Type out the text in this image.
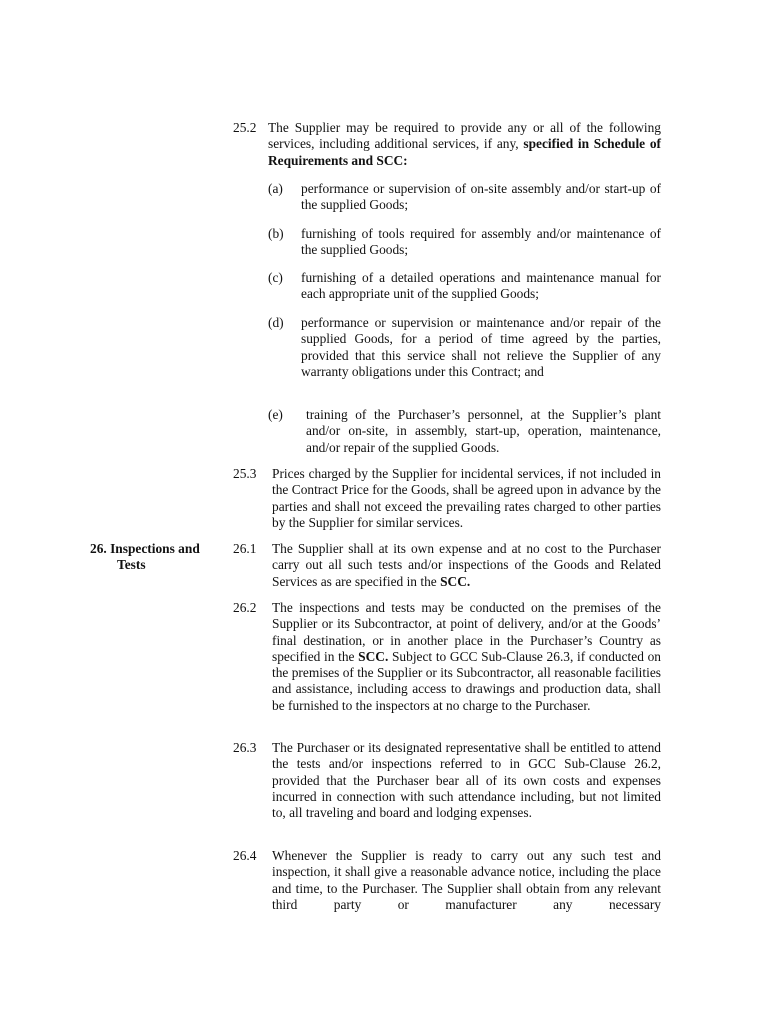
25.2 The Supplier may be required to provide any or all of the following services, including additional services, if any, specified in Schedule of Requirements and SCC:
(a) performance or supervision of on-site assembly and/or start-up of the supplied Goods;
(b) furnishing of tools required for assembly and/or maintenance of the supplied Goods;
(c) furnishing of a detailed operations and maintenance manual for each appropriate unit of the supplied Goods;
(d) performance or supervision or maintenance and/or repair of the supplied Goods, for a period of time agreed by the parties, provided that this service shall not relieve the Supplier of any warranty obligations under this Contract; and
(e) training of the Purchaser’s personnel, at the Supplier’s plant and/or on-site, in assembly, start-up, operation, maintenance, and/or repair of the supplied Goods.
25.3 Prices charged by the Supplier for incidental services, if not included in the Contract Price for the Goods, shall be agreed upon in advance by the parties and shall not exceed the prevailing rates charged to other parties by the Supplier for similar services.
26. Inspections and
Tests
26.1 The Supplier shall at its own expense and at no cost to the Purchaser carry out all such tests and/or inspections of the Goods and Related Services as are specified in the SCC.
26.2 The inspections and tests may be conducted on the premises of the Supplier or its Subcontractor, at point of delivery, and/or at the Goods’ final destination, or in another place in the Purchaser’s Country as specified in the SCC. Subject to GCC Sub-Clause 26.3, if conducted on the premises of the Supplier or its Subcontractor, all reasonable facilities and assistance, including access to drawings and production data, shall be furnished to the inspectors at no charge to the Purchaser.
26.3 The Purchaser or its designated representative shall be entitled to attend the tests and/or inspections referred to in GCC Sub-Clause 26.2, provided that the Purchaser bear all of its own costs and expenses incurred in connection with such attendance including, but not limited to, all traveling and board and lodging expenses.
26.4 Whenever the Supplier is ready to carry out any such test and inspection, it shall give a reasonable advance notice, including the place and time, to the Purchaser. The Supplier shall obtain from any relevant third party or manufacturer any necessary
